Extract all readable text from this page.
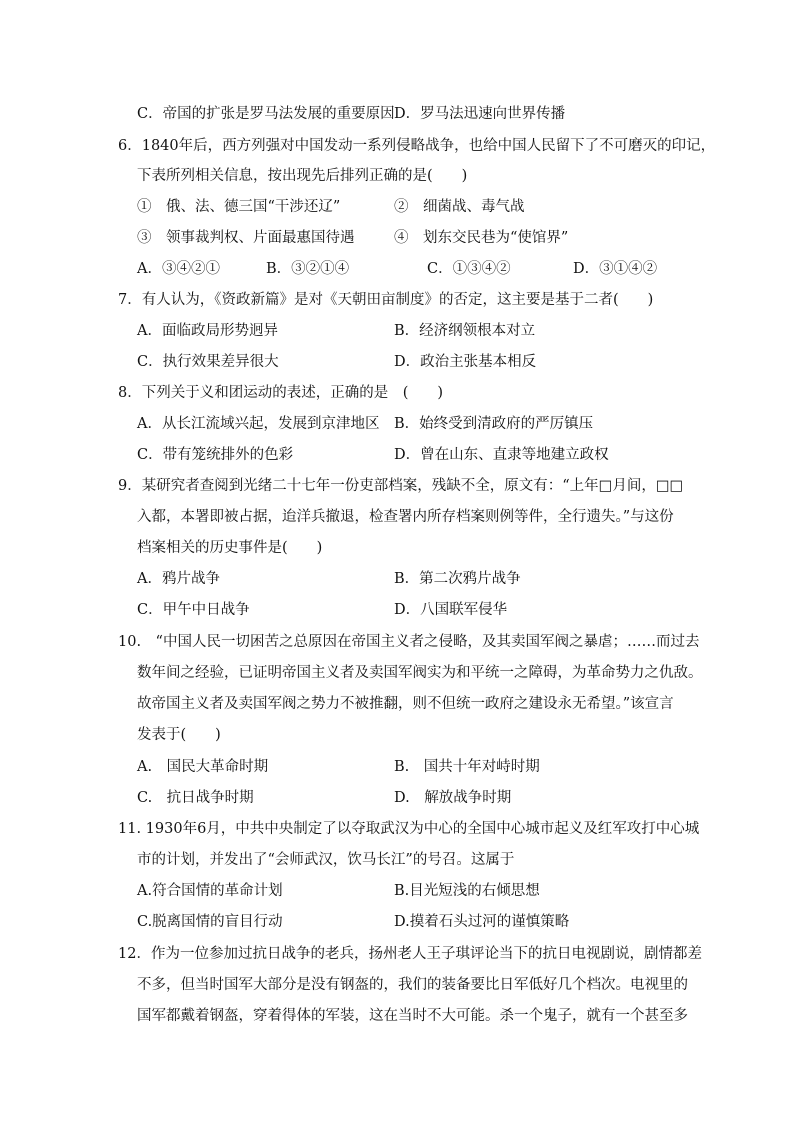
C．帝国的扩张是罗马法发展的重要原因 D．罗马法迅速向世界传播
6．1840年后，西方列强对中国发动一系列侵略战争，也给中国人民留下了不可磨灭的印记，
下表所列相关信息，按出现先后排列正确的是(　　)
①　俄、法、德三国“干涉还辽”	②　细菌战、毒气战
③　领事裁判权、片面最惠国待遇	④　划东交民巷为“使馆界”
A．③④②①	B．③②①④	C．①③④②	D．③①④②
7．有人认为，《资政新篇》是对《天朝田亩制度》的否定，这主要是基于二者(　　)
A．面临政局形势迥异	B．经济纲领根本对立
C．执行效果差异很大	D．政治主张基本相反
8．下列关于义和团运动的表述，正确的是　(　　)
A．从长江流域兴起，发展到京津地区 B．始终受到清政府的严厉镇压
C．带有笼统排外的色彩	D．曾在山东、直隶等地建立政权
9．某研究者查阅到光绪二十七年一份吏部档案，残缺不全，原文有：“上年□月间，□□
入都，本署即被占据，迨洋兵撤退，检查署内所存档案则例等件，全行遗失。”与这份
档案相关的历史事件是(　　)
A．鸦片战争	B．第二次鸦片战争
C．甲午中日战争	D．八国联军侵华
10.　“中国人民一切困苦之总原因在帝国主义者之侵略，及其卖国军阀之暴虐；……而过去
数年间之经验，已证明帝国主义者及卖国军阀实为和平统一之障碍，为革命势力之仇敌。
故帝国主义者及卖国军阀之势力不被推翻，则不但统一政府之建设永无希望。”该宣言
发表于(　　)
A.　国民大革命时期	B.　国共十年对峙时期
C.　抗日战争时期	D.　解放战争时期
11. 1930年6月，中共中央制定了以夺取武汉为中心的全国中心城市起义及红军攻打中心城
市的计划，并发出了“会师武汉，饮马长江”的号召。这属于
A.符合国情的革命计划	B.目光短浅的右倾思想
C.脱离国情的盲目行动	D.摸着石头过河的谨慎策略
12．作为一位参加过抗日战争的老兵，扬州老人王子琪评论当下的抗日电视剧说，剧情都差
不多，但当时国军大部分是没有钢盔的，我们的装备要比日军低好几个档次。电视里的
国军都戴着钢盔，穿着得体的军装，这在当时不大可能。杀一个鬼子，就有一个甚至多
